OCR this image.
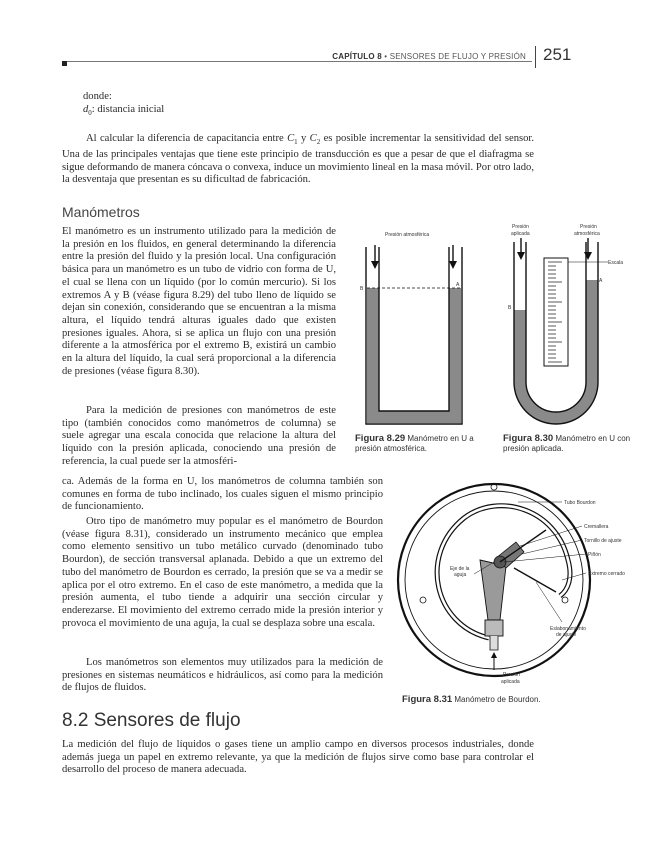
CAPÍTULO 8 • SENSORES DE FLUJO Y PRESIÓN 251
donde:
$d_0$: distancia inicial
Al calcular la diferencia de capacitancia entre $C_1$ y $C_2$ es posible incrementar la sensitividad del sensor. Una de las principales ventajas que tiene este principio de transducción es que a pesar de que el diafragma se sigue deformando de manera cóncava o convexa, induce un movimiento lineal en la masa móvil. Por otro lado, la desventaja que presentan es su dificultad de fabricación.
Manómetros
El manómetro es un instrumento utilizado para la medición de la presión en los fluidos, en general determinando la diferencia entre la presión del fluido y la presión local. Una configuración básica para un manómetro es un tubo de vidrio con forma de U, el cual se llena con un líquido (por lo común mercurio). Si los extremos A y B (véase figura 8.29) del tubo lleno de líquido se dejan sin conexión, considerando que se encuentran a la misma altura, el líquido tendrá alturas iguales dado que existen presiones iguales. Ahora, si se aplica un flujo con una presión diferente a la atmosférica por el extremo B, existirá un cambio en la altura del líquido, la cual será proporcional a la diferencia de presiones (véase figura 8.30).
Para la medición de presiones con manómetros de este tipo (también conocidos como manómetros de columna) se suele agregar una escala conocida que relacione la altura del líquido con la presión aplicada, conociendo una presión de referencia, la cual puede ser la atmosféri-
ca. Además de la forma en U, los manómetros de columna también son comunes en forma de tubo inclinado, los cuales siguen el mismo principio de funcionamiento.
Otro tipo de manómetro muy popular es el manómetro de Bourdon (véase figura 8.31), considerado un instrumento mecánico que emplea como elemento sensitivo un tubo metálico curvado (denominado tubo Bourdon), de sección transversal aplanada. Debido a que un extremo del tubo del manómetro de Bourdon es cerrado, la presión que se va a medir se aplica por el otro extremo. En el caso de este manómetro, a medida que la presión aumenta, el tubo tiende a adquirir una sección circular y enderezarse. El movimiento del extremo cerrado mide la presión interior y provoca el movimiento de una aguja, la cual se desplaza sobre una escala.
Los manómetros son elementos muy utilizados para la medición de presiones en sistemas neumáticos e hidráulicos, así como para la medición de flujos de fluidos.
Presión atmosférica
B
A
Figura 8.29 Manómetro en U a presión atmosférica.
Presión
aplicada
Presión
atmosférica
Escala
A
B
Figura 8.30 Manómetro en U con presión aplicada.
Tubo Bourdon
Cremallera
Tornillo de ajuste
Piñón
Extremo cerrado
Eje de la
aguja
Eslabonamiento
de ajuste
Presión
aplicada
Figura 8.31 Manómetro de Bourdon.
8.2 Sensores de flujo
La medición del flujo de líquidos o gases tiene un amplio campo en diversos procesos industriales, donde además juega un papel en extremo relevante, ya que la medición de flujos sirve como base para controlar el desarrollo del proceso de manera adecuada.
